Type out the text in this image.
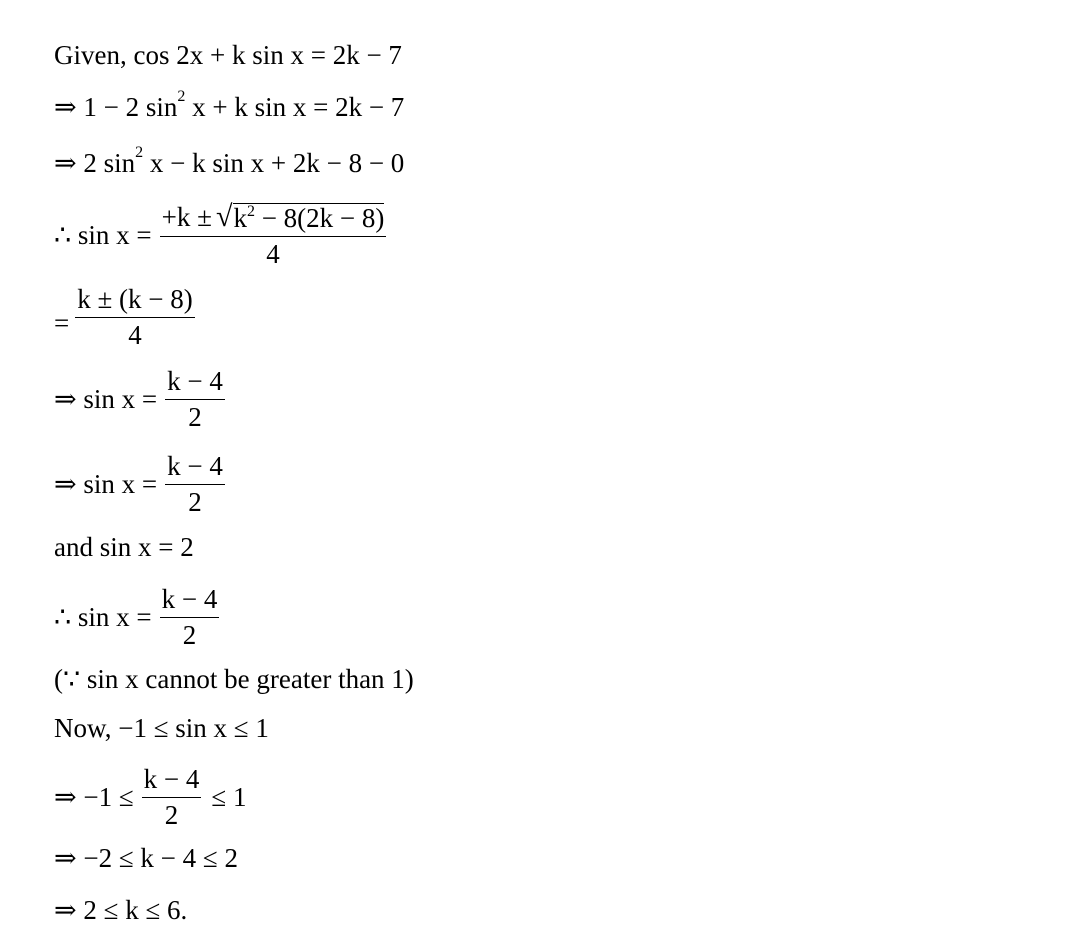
Given, cos 2x + k sin x = 2k − 7
⇒ 1 − 2 sin 2 x + k sin x = 2k − 7
⇒ 2 sin 2 x − k sin x + 2k − 8 − 0
∴ $\sin x = \frac{+k \pm √ k^2 - 8(2k - 8)}{4}$
= $\frac{k \pm (k - 8)}{4}$
⇒ $\sin x = \frac{k - 4}{2}$
⇒ $\sin x = \frac{k - 4}{2}$
and sin x = 2
∴ $\sin x = \frac{k - 4}{2}$
(∵ sin x cannot be greater than 1)
Now, −1 ≤ sin x ≤ 1
⇒ $-1 \le \frac{k - 4}{2} \le 1$
⇒ −2 ≤ k − 4 ≤ 2
⇒ 2 ≤ k ≤ 6.
